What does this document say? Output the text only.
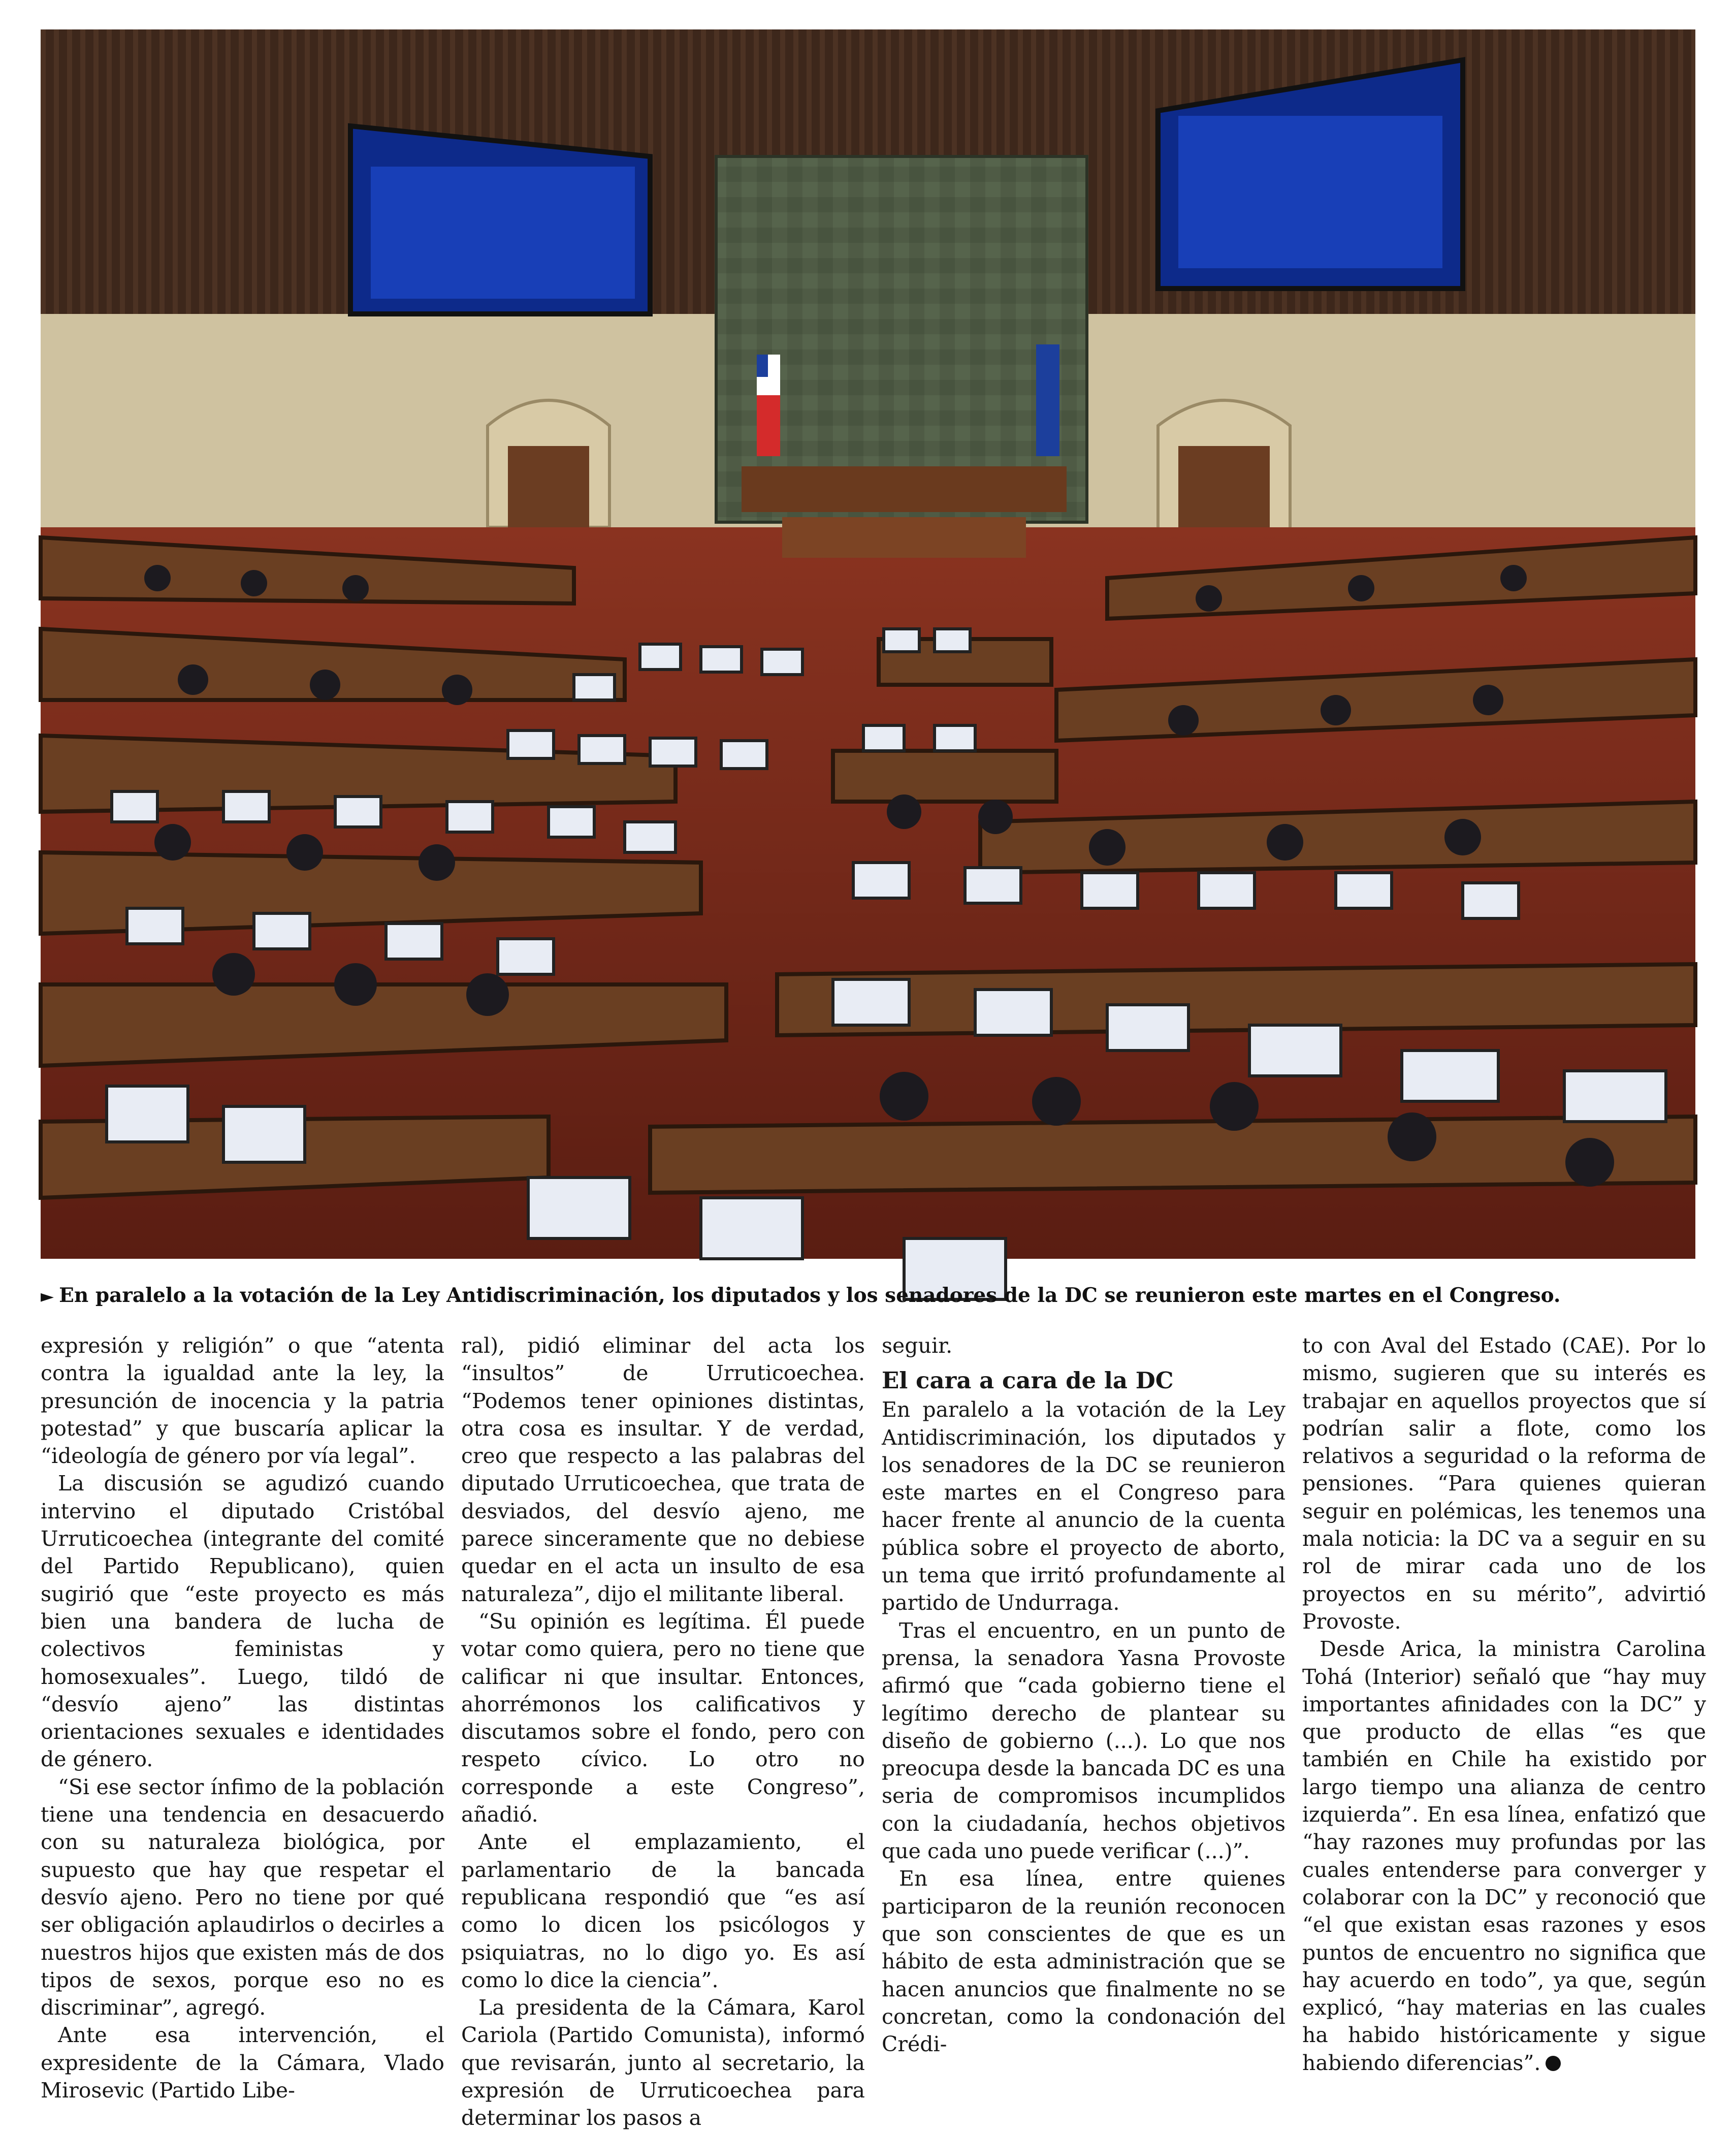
► En paralelo a la votación de la Ley Antidiscriminación, los diputados y los senadores de la DC se reunieron este martes en el Congreso.

expresión y religión” o que “atenta contra la igualdad ante la ley, la presunción de inocencia y la patria potestad” y que buscaría aplicar la “ideología de género por vía legal”.

La discusión se agudizó cuando intervino el diputado Cristóbal Urruticoechea (integrante del comité del Partido Republicano), quien sugirió que “este proyecto es más bien una bandera de lucha de colectivos feministas y homosexuales”. Luego, tildó de “desvío ajeno” las distintas orientaciones sexuales e identidades de género.

“Si ese sector ínfimo de la población tiene una tendencia en desacuerdo con su naturaleza biológica, por supuesto que hay que respetar el desvío ajeno. Pero no tiene por qué ser obligación aplaudirlos o decirles a nuestros hijos que existen más de dos tipos de sexos, porque eso no es discriminar”, agregó.

Ante esa intervención, el expresidente de la Cámara, Vlado Mirosevic (Partido Libe-

ral), pidió eliminar del acta los “insultos” de Urruticoechea. “Podemos tener opiniones distintas, otra cosa es insultar. Y de verdad, creo que respecto a las palabras del diputado Urruticoechea, que trata de desviados, del desvío ajeno, me parece sinceramente que no debiese quedar en el acta un insulto de esa naturaleza”, dijo el militante liberal.

“Su opinión es legítima. Él puede votar como quiera, pero no tiene que calificar ni que insultar. Entonces, ahorrémonos los calificativos y discutamos sobre el fondo, pero con respeto cívico. Lo otro no corresponde a este Congreso”, añadió.

Ante el emplazamiento, el parlamentario de la bancada republicana respondió que “es así como lo dicen los psicólogos y psiquiatras, no lo digo yo. Es así como lo dice la ciencia”.

La presidenta de la Cámara, Karol Cariola (Partido Comunista), informó que revisarán, junto al secretario, la expresión de Urruticoechea para determinar los pasos a

seguir.

El cara a cara de la DC

En paralelo a la votación de la Ley Antidiscriminación, los diputados y los senadores de la DC se reunieron este martes en el Congreso para hacer frente al anuncio de la cuenta pública sobre el proyecto de aborto, un tema que irritó profundamente al partido de Undurraga.

Tras el encuentro, en un punto de prensa, la senadora Yasna Provoste afirmó que “cada gobierno tiene el legítimo derecho de plantear su diseño de gobierno (...). Lo que nos preocupa desde la bancada DC es una seria de compromisos incumplidos con la ciudadanía, hechos objetivos que cada uno puede verificar (...)”.

En esa línea, entre quienes participaron de la reunión reconocen que son conscientes de que es un hábito de esta administración que se hacen anuncios que finalmente no se concretan, como la condonación del Crédi-

to con Aval del Estado (CAE). Por lo mismo, sugieren que su interés es trabajar en aquellos proyectos que sí podrían salir a flote, como los relativos a seguridad o la reforma de pensiones. “Para quienes quieran seguir en polémicas, les tenemos una mala noticia: la DC va a seguir en su rol de mirar cada uno de los proyectos en su mérito”, advirtió Provoste.

Desde Arica, la ministra Carolina Tohá (Interior) señaló que “hay muy importantes afinidades con la DC” y que producto de ellas “es que también en Chile ha existido por largo tiempo una alianza de centro izquierda”. En esa línea, enfatizó que “hay razones muy profundas por las cuales entenderse para converger y colaborar con la DC” y reconoció que “el que existan esas razones y esos puntos de encuentro no significa que hay acuerdo en todo”, ya que, según explicó, “hay materias en las cuales ha habido históricamente y sigue habiendo diferencias”.
